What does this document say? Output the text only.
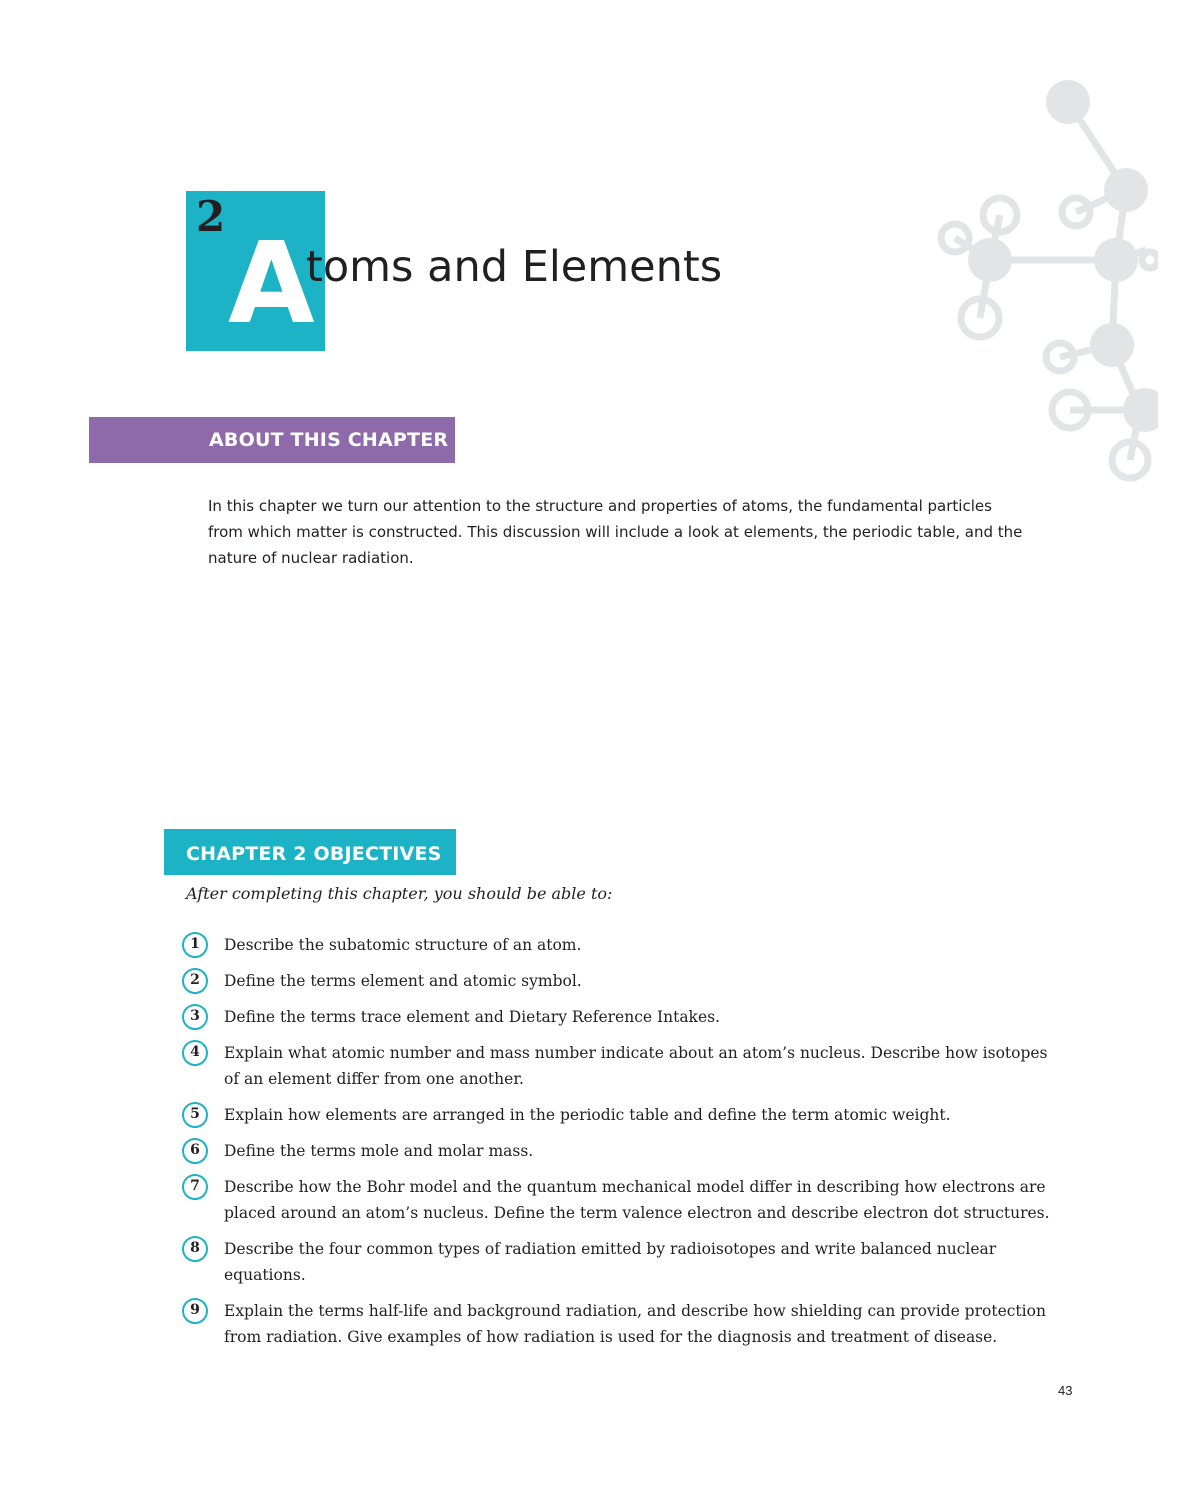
2
A
toms and Elements
ABOUT THIS CHAPTER

In this chapter we turn our attention to the structure and properties of atoms, the fundamental particles from which matter is constructed. This discussion will include a look at elements, the periodic table, and the nature of nuclear radiation.

CHAPTER 2 OBJECTIVES
After completing this chapter, you should be able to:
1	Describe the subatomic structure of an atom.
2	Define the terms element and atomic symbol.
3	Define the terms trace element and Dietary Reference Intakes.
4	Explain what atomic number and mass number indicate about an atom’s nucleus. Describe how isotopes of an element differ from one another.
5	Explain how elements are arranged in the periodic table and define the term atomic weight.
6	Define the terms mole and molar mass.
7	Describe how the Bohr model and the quantum mechanical model differ in describing how electrons are placed around an atom’s nucleus. Define the term valence electron and describe electron dot structures.
8	Describe the four common types of radiation emitted by radioisotopes and write balanced nuclear equations.
9	Explain the terms half-life and background radiation, and describe how shielding can provide protection from radiation. Give examples of how radiation is used for the diagnosis and treatment of disease.
43
